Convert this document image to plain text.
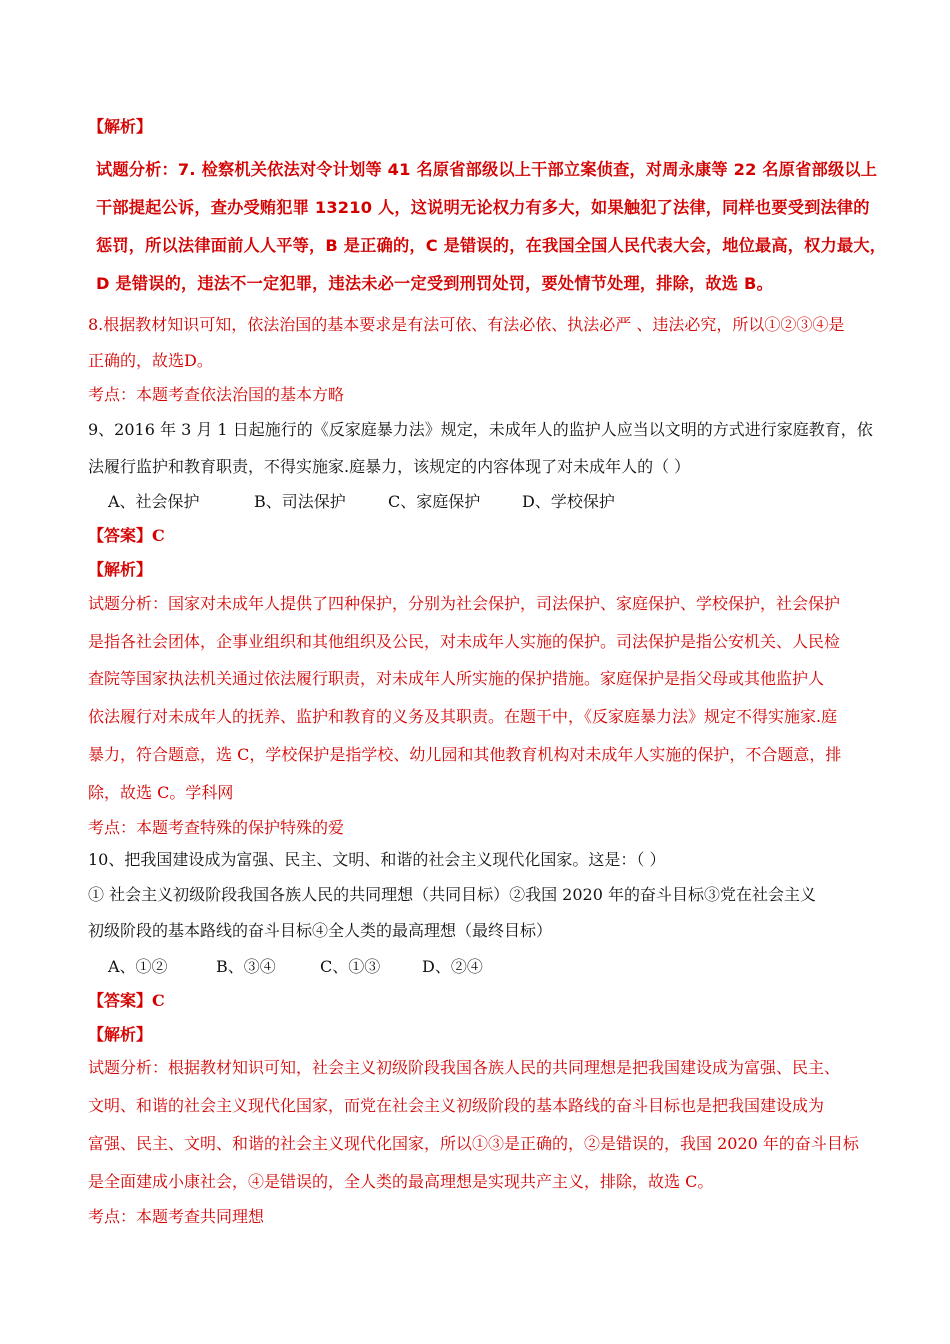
【解析】
试题分析：7. 检察机关依法对令计划等 41 名原省部级以上干部立案侦查，对周永康等 22 名原省部级以上
干部提起公诉，查办受贿犯罪 13210 人，这说明无论权力有多大，如果触犯了法律，同样也要受到法律的
惩罚，所以法律面前人人平等，B 是正确的，C 是错误的，在我国全国人民代表大会，地位最高，权力最大，
D 是错误的，违法不一定犯罪，违法未必一定受到刑罚处罚，要处情节处理，排除，故选 B。
8.根据教材知识可知，依法治国的基本要求是有法可依、有法必依、执法必严 、违法必究，所以①②③④是
正确的，故选D。
考点：本题考查依法治国的基本方略
9、2016 年 3 月 1 日起施行的《反家庭暴力法》规定，未成年人的监护人应当以文明的方式进行家庭教育，依
法履行监护和教育职责，不得实施家.庭暴力，该规定的内容体现了对未成年人的（ ）
A、社会保护	B、司法保护	C、家庭保护	D、学校保护
【答案】C
【解析】
试题分析：国家对未成年人提供了四种保护，分别为社会保护，司法保护、家庭保护、学校保护，社会保护
是指各社会团体，企事业组织和其他组织及公民，对未成年人实施的保护。司法保护是指公安机关、人民检
查院等国家执法机关通过依法履行职责，对未成年人所实施的保护措施。家庭保护是指父母或其他监护人
依法履行对未成年人的抚养、监护和教育的义务及其职责。在题干中，《反家庭暴力法》规定不得实施家.庭
暴力，符合题意，选 C，学校保护是指学校、幼儿园和其他教育机构对未成年人实施的保护，不合题意，排
除，故选 C。学科网
考点：本题考查特殊的保护特殊的爱
10、把我国建设成为富强、民主、文明、和谐的社会主义现代化国家。这是：（ ）
① 社会主义初级阶段我国各族人民的共同理想（共同目标）②我国 2020 年的奋斗目标③党在社会主义
初级阶段的基本路线的奋斗目标④全人类的最高理想（最终目标）
A、①②	B、③④	C、①③	D、②④
【答案】C
【解析】
试题分析：根据教材知识可知，社会主义初级阶段我国各族人民的共同理想是把我国建设成为富强、民主、
文明、和谐的社会主义现代化国家，而党在社会主义初级阶段的基本路线的奋斗目标也是把我国建设成为
富强、民主、文明、和谐的社会主义现代化国家，所以①③是正确的，②是错误的，我国 2020 年的奋斗目标
是全面建成小康社会，④是错误的，全人类的最高理想是实现共产主义，排除，故选 C。
考点：本题考查共同理想
